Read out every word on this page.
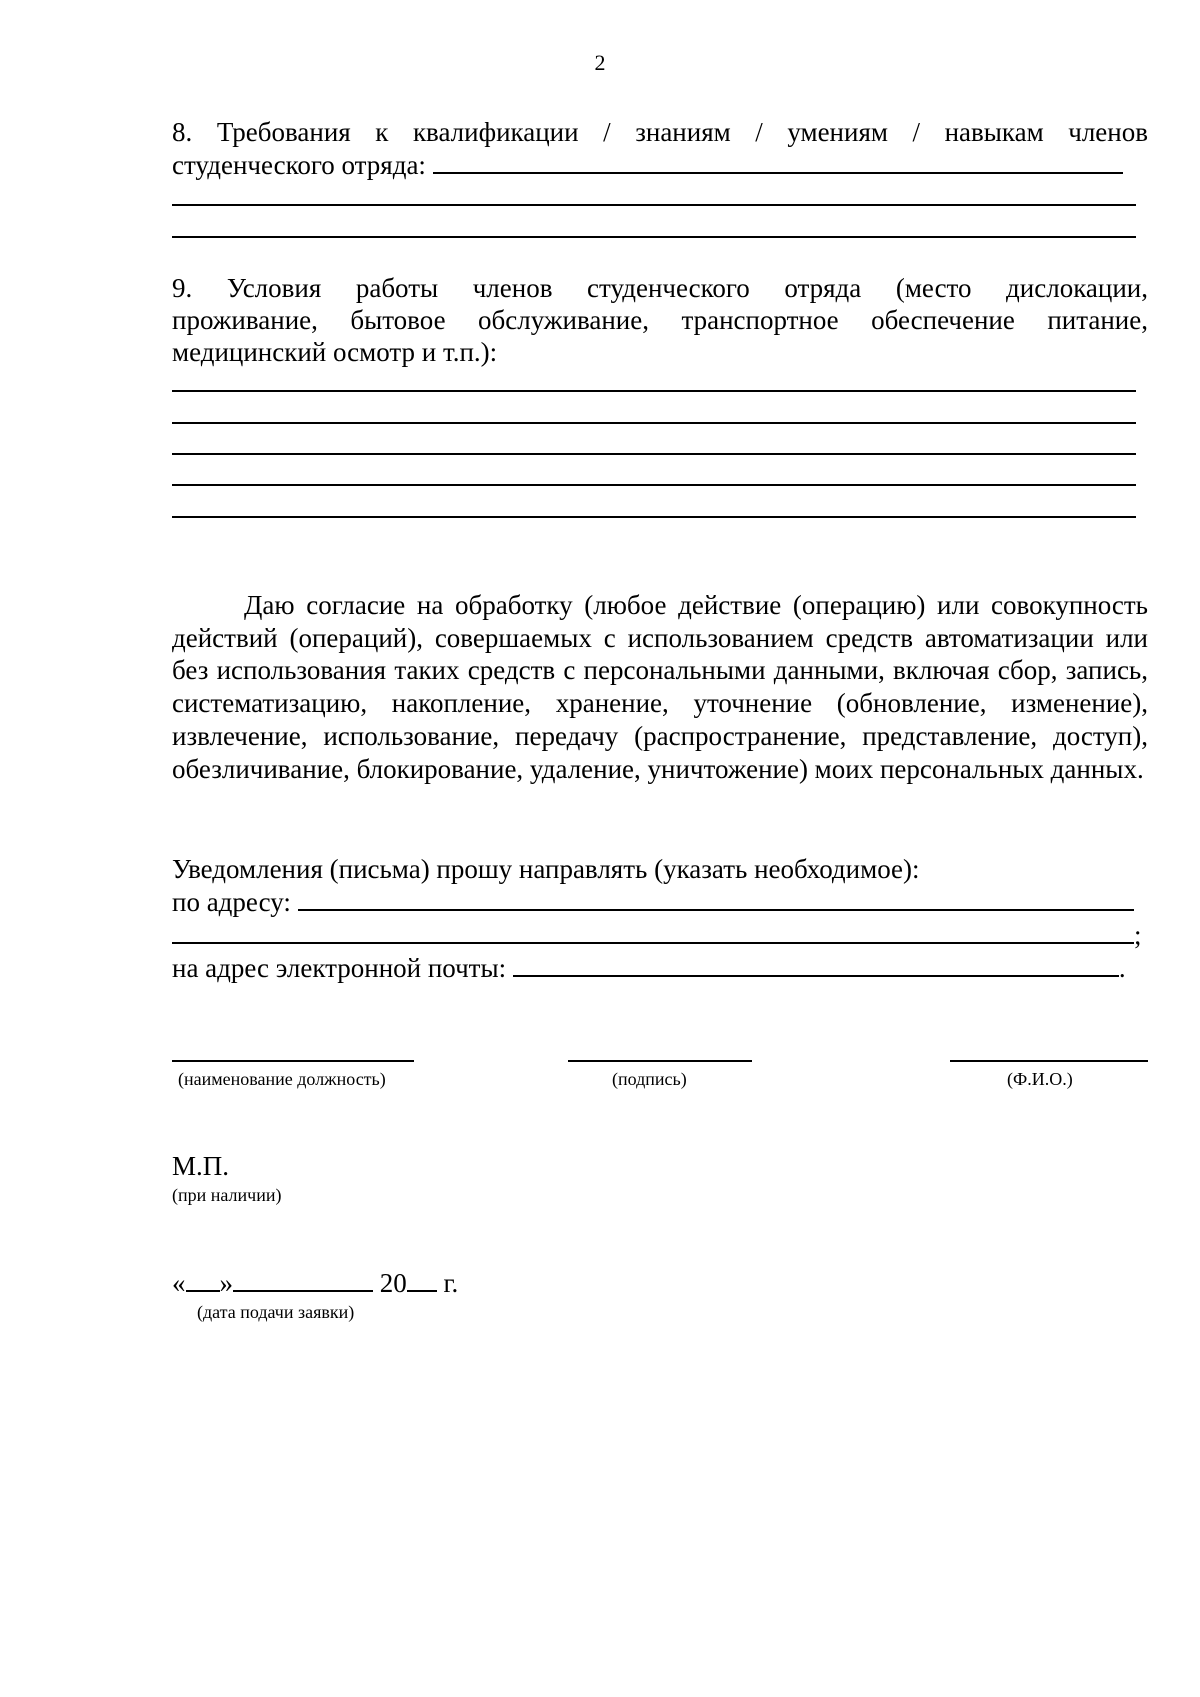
2
8. Требования к квалификации / знаниям / умениям / навыкам членов
студенческого отряда:
9. Условия работы членов студенческого отряда (место дислокации,
проживание, бытовое обслуживание, транспортное обеспечение питание,
медицинский осмотр и т.п.):
Даю согласие на обработку (любое действие (операцию) или совокупность действий (операций), совершаемых с использованием средств автоматизации или без использования таких средств с персональными данными, включая сбор, запись, систематизацию, накопление, хранение, уточнение (обновление, изменение), извлечение, использование, передачу (распространение, представление, доступ), обезличивание, блокирование, удаление, уничтожение) моих персональных данных.
Уведомления (письма) прошу направлять (указать необходимое):
по адресу:
;
на адрес электронной почты:	.
(наименование должность)	(подпись)	(Ф.И.О.)
М.П.
(при наличии)
« »	20 г.
(дата подачи заявки)
